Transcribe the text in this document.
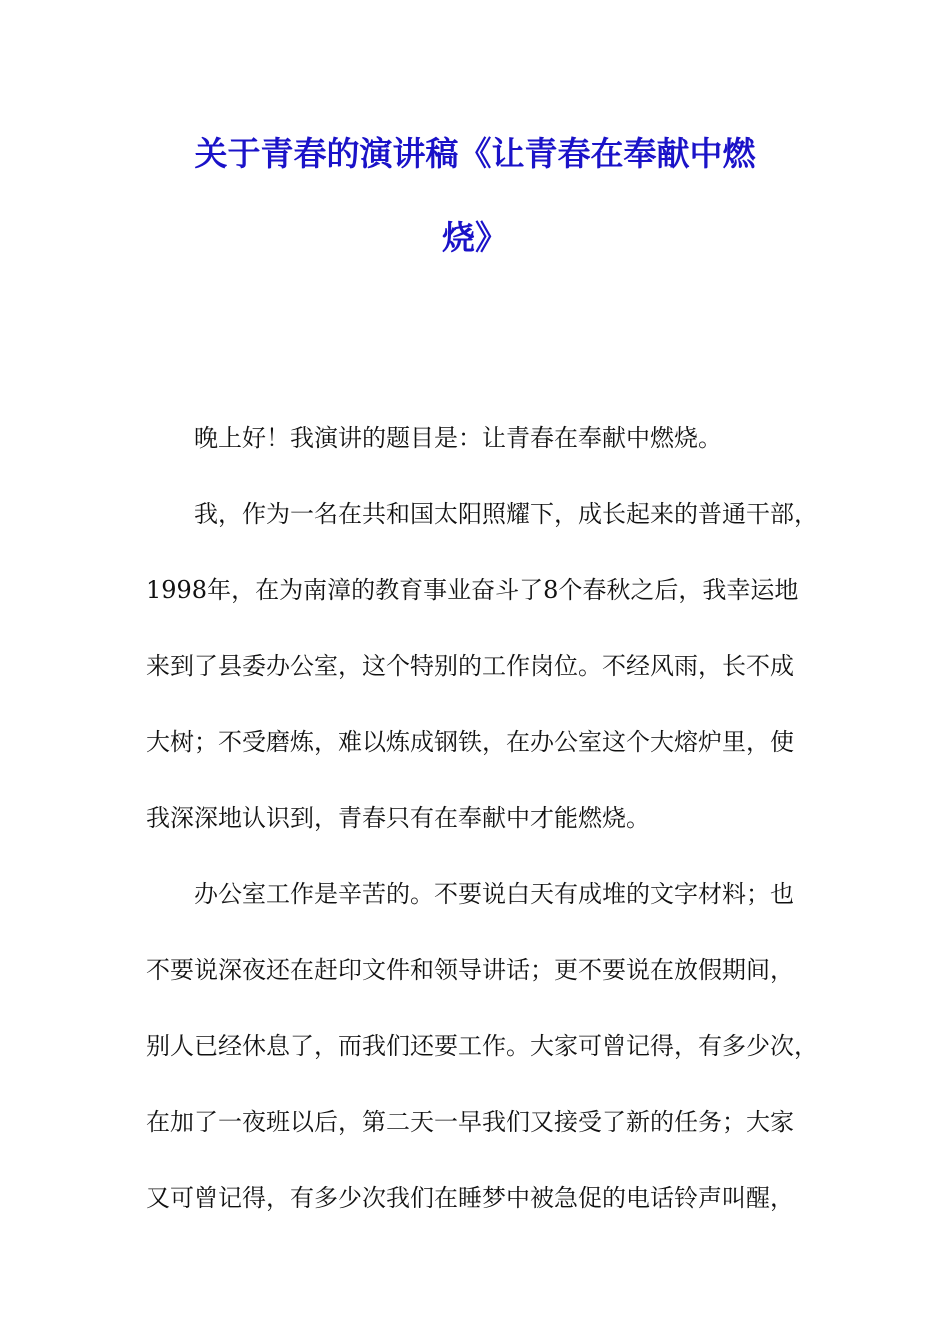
关于青春的演讲稿《让青春在奉献中燃
烧》
晚上好！我演讲的题目是：让青春在奉献中燃烧。
我，作为一名在共和国太阳照耀下，成长起来的普通干部，
1998年，在为南漳的教育事业奋斗了8个春秋之后，我幸运地
来到了县委办公室，这个特别的工作岗位。不经风雨，长不成
大树；不受磨炼，难以炼成钢铁，在办公室这个大熔炉里，使
我深深地认识到，青春只有在奉献中才能燃烧。
办公室工作是辛苦的。不要说白天有成堆的文字材料；也
不要说深夜还在赶印文件和领导讲话；更不要说在放假期间，
别人已经休息了，而我们还要工作。大家可曾记得，有多少次，
在加了一夜班以后，第二天一早我们又接受了新的任务；大家
又可曾记得，有多少次我们在睡梦中被急促的电话铃声叫醒，
